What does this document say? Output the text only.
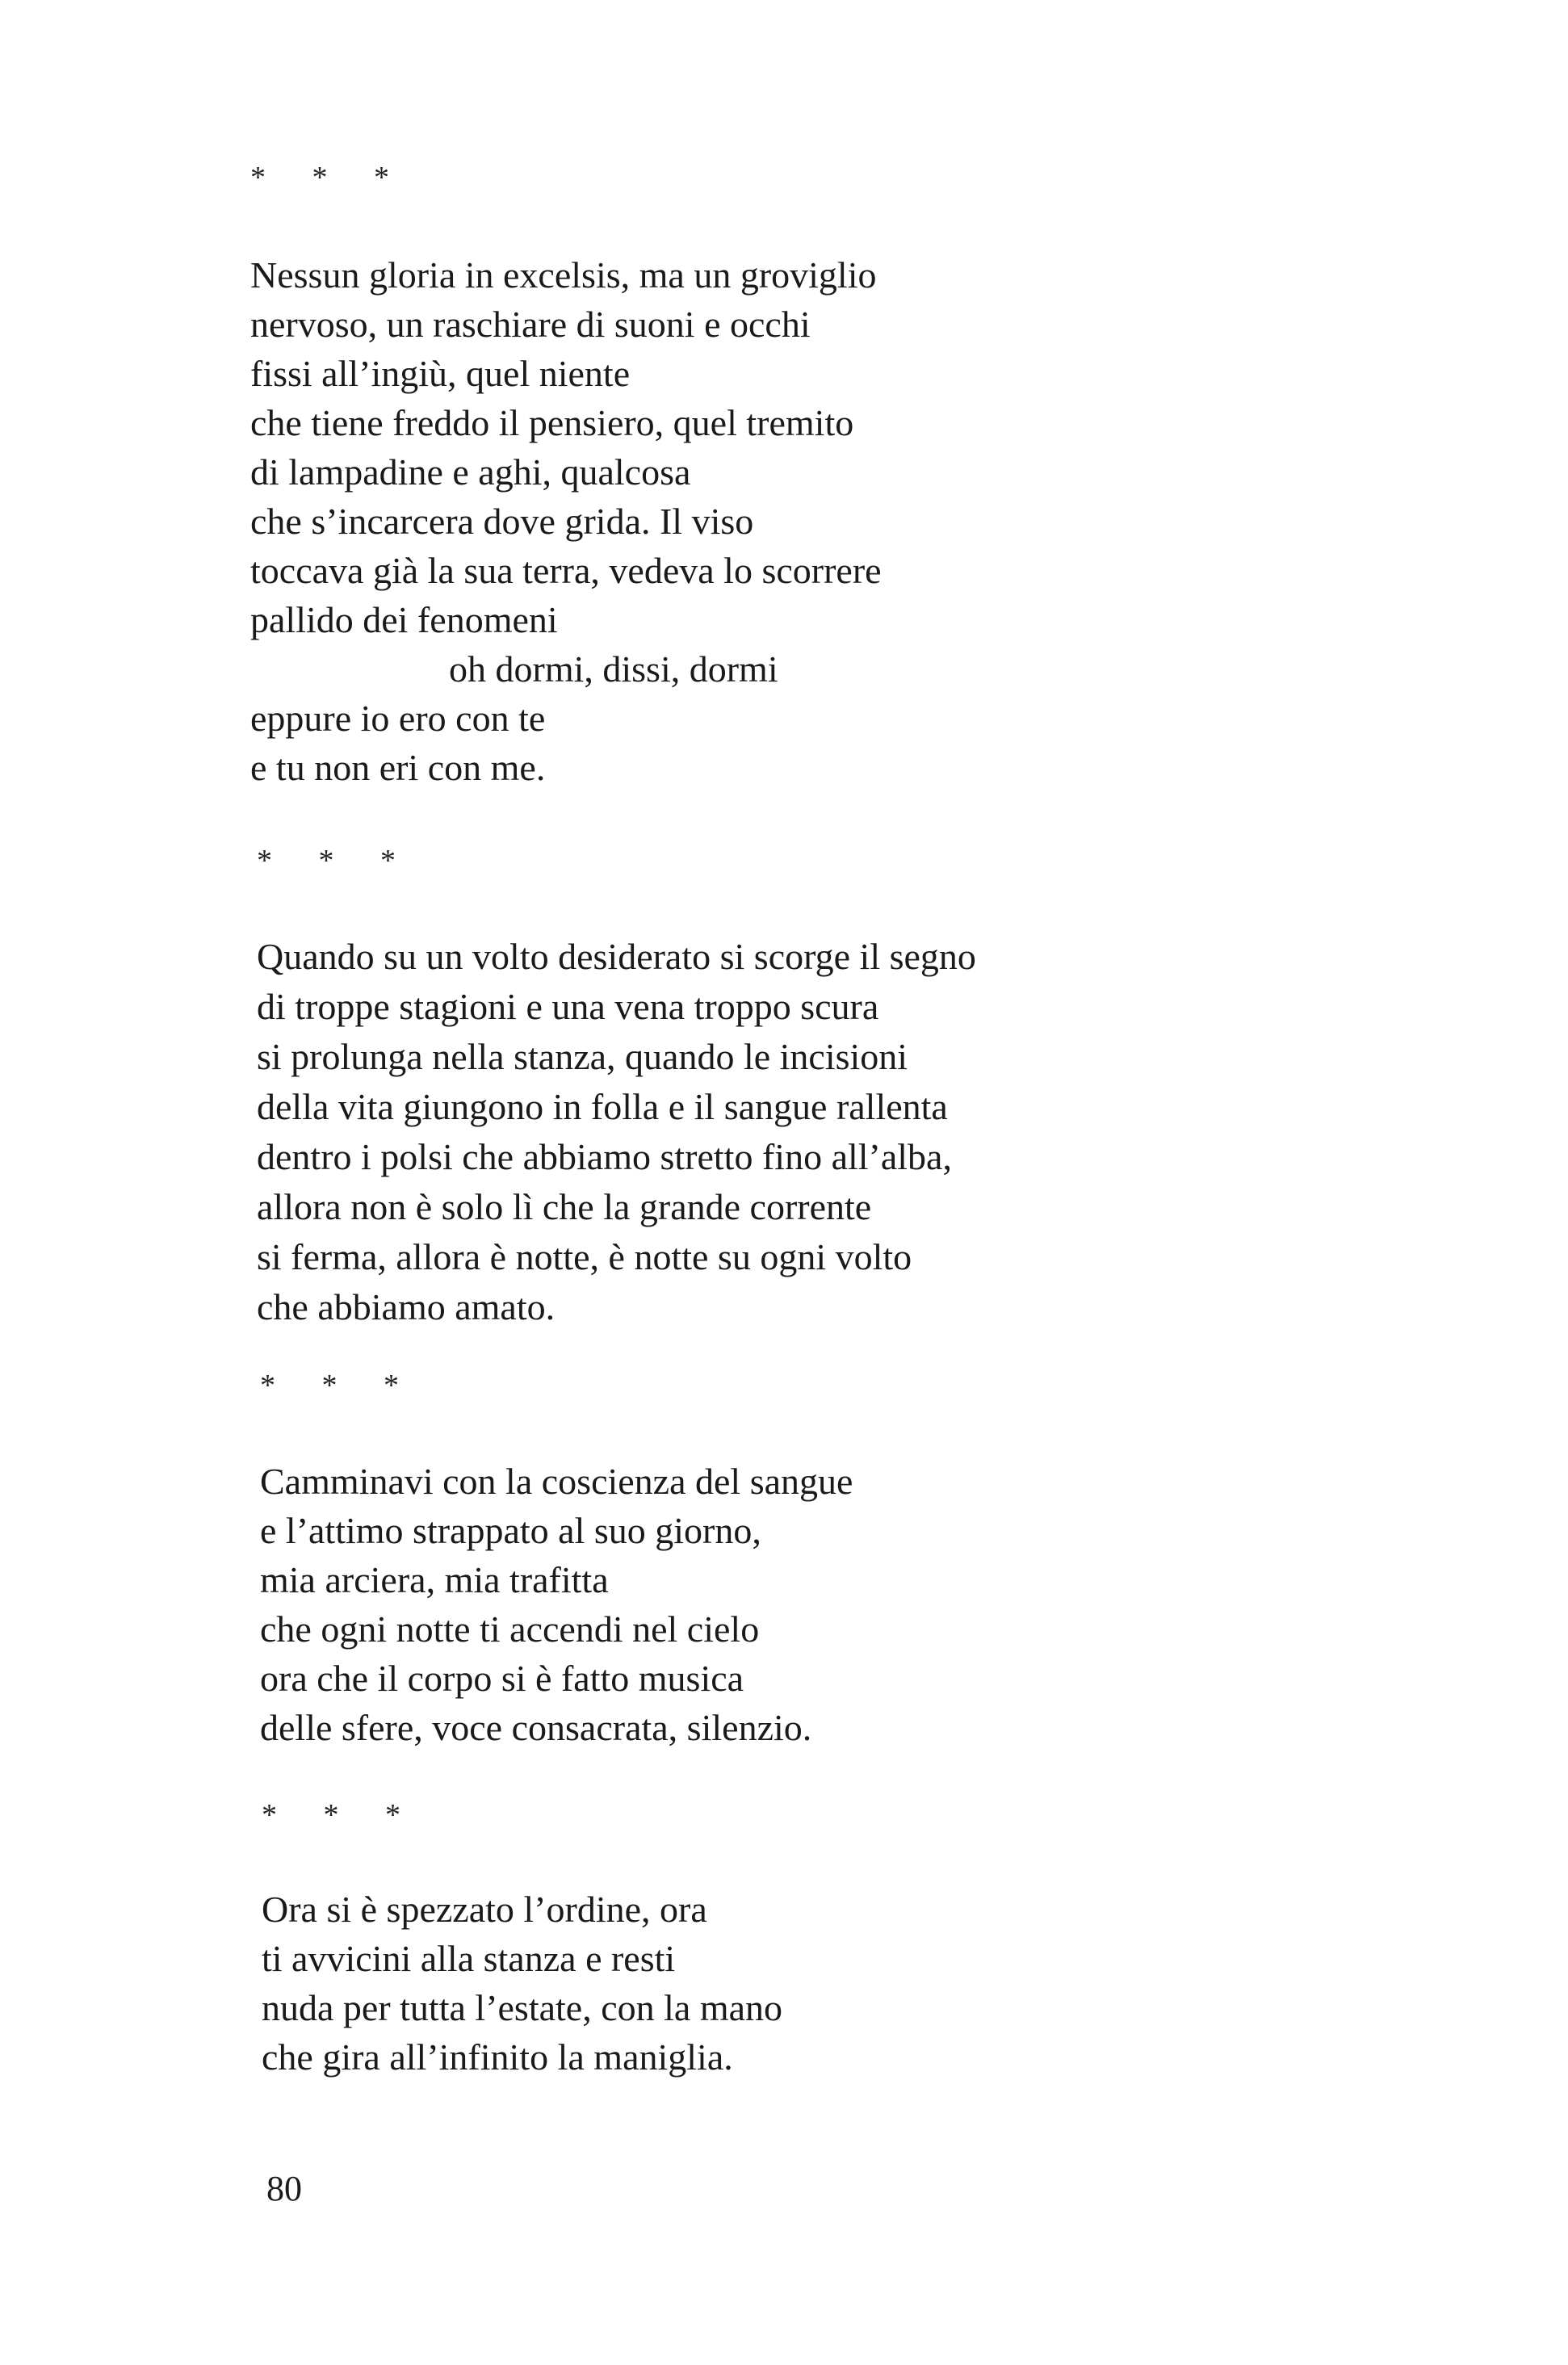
* * *
Nessun gloria in excelsis, ma un groviglio
nervoso, un raschiare di suoni e occhi
fissi all’ingiù, quel niente
che tiene freddo il pensiero, quel tremito
di lampadine e aghi, qualcosa
che s’incarcera dove grida. Il viso
toccava già la sua terra, vedeva lo scorrere
pallido dei fenomeni
oh dormi, dissi, dormi
eppure io ero con te
e tu non eri con me.
* * *
Quando su un volto desiderato si scorge il segno
di troppe stagioni e una vena troppo scura
si prolunga nella stanza, quando le incisioni
della vita giungono in folla e il sangue rallenta
dentro i polsi che abbiamo stretto fino all’alba,
allora non è solo lì che la grande corrente
si ferma, allora è notte, è notte su ogni volto
che abbiamo amato.
* * *
Camminavi con la coscienza del sangue
e l’attimo strappato al suo giorno,
mia arciera, mia trafitta
che ogni notte ti accendi nel cielo
ora che il corpo si è fatto musica
delle sfere, voce consacrata, silenzio.
* * *
Ora si è spezzato l’ordine, ora
ti avvicini alla stanza e resti
nuda per tutta l’estate, con la mano
che gira all’infinito la maniglia.
80
